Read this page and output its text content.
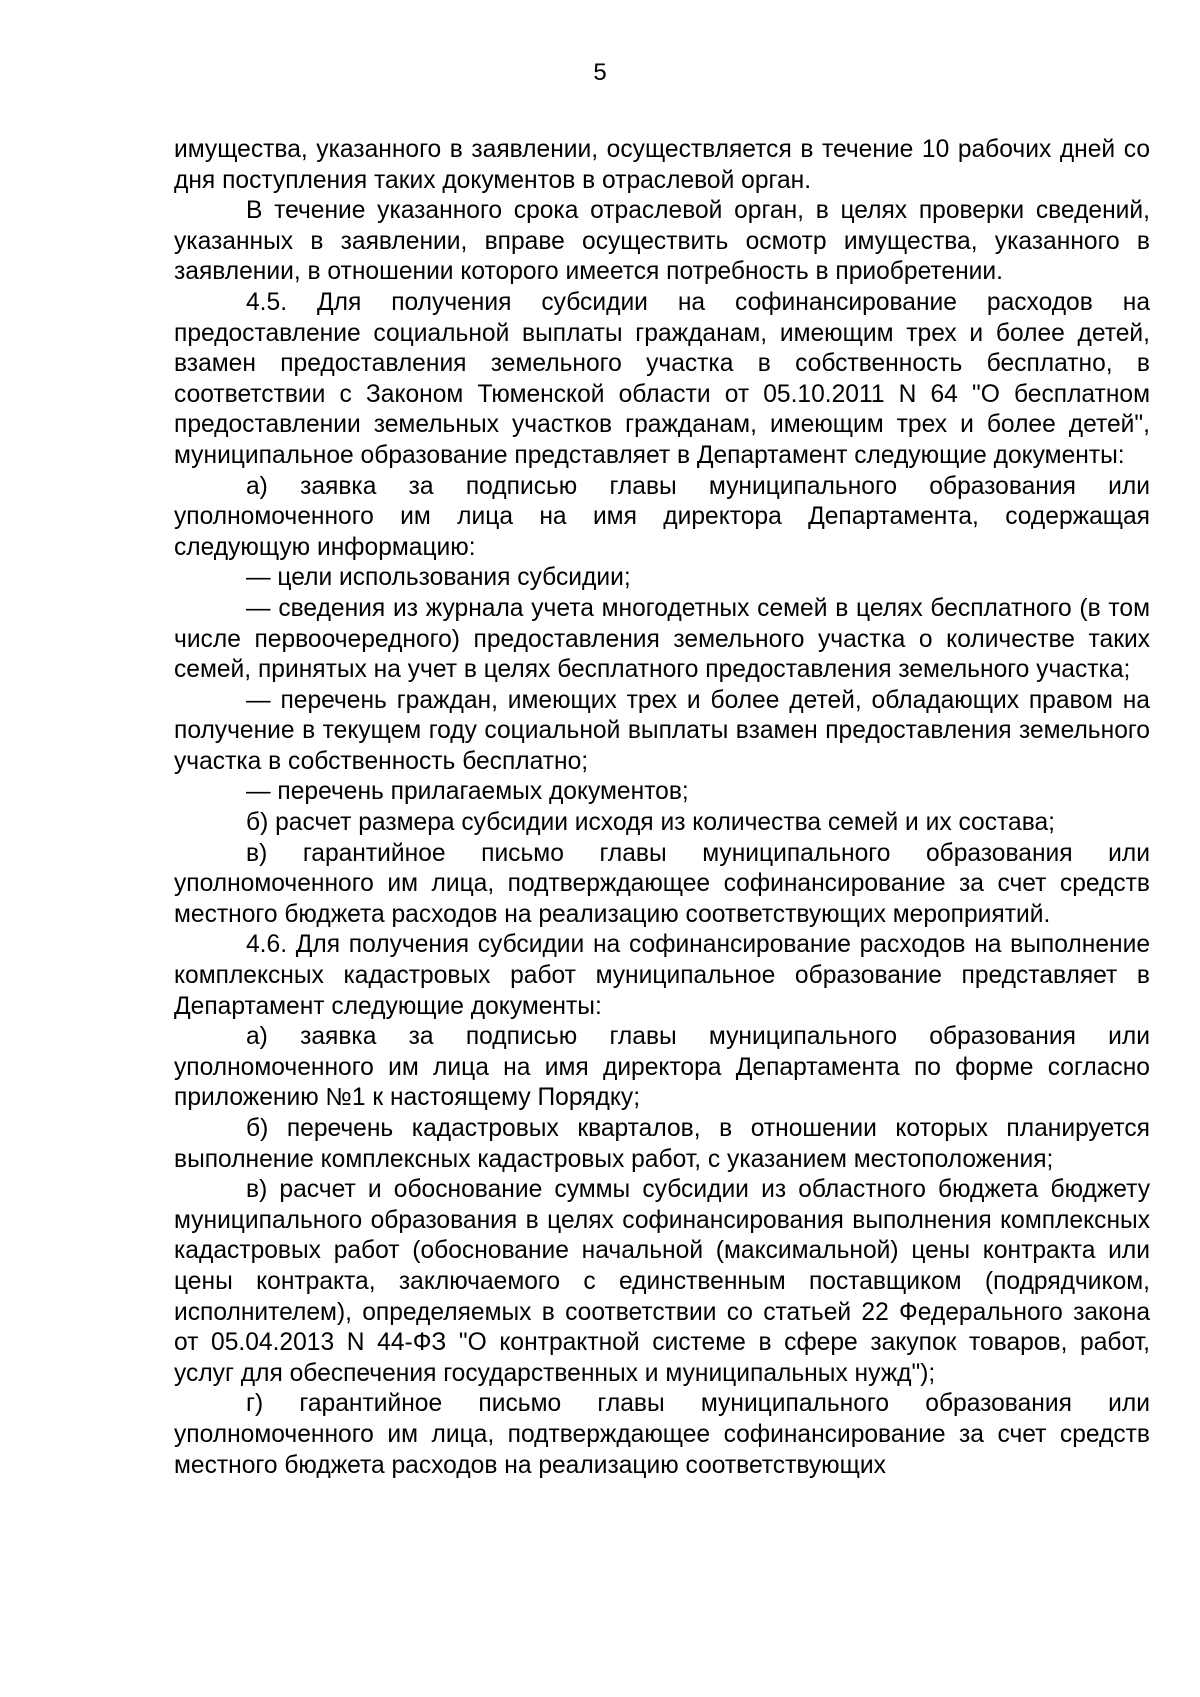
5

имущества, указанного в заявлении, осуществляется в течение 10 рабочих дней со дня поступления таких документов в отраслевой орган.

В течение указанного срока отраслевой орган, в целях проверки сведений, указанных в заявлении, вправе осуществить осмотр имущества, указанного в заявлении, в отношении которого имеется потребность в приобретении.

4.5. Для получения субсидии на софинансирование расходов на предоставление социальной выплаты гражданам, имеющим трех и более детей, взамен предоставления земельного участка в собственность бесплатно, в соответствии с Законом Тюменской области от 05.10.2011 N 64 "О бесплатном предоставлении земельных участков гражданам, имеющим трех и более детей", муниципальное образование представляет в Департамент следующие документы:

а) заявка за подписью главы муниципального образования или уполномоченного им лица на имя директора Департамента, содержащая следующую информацию:

— цели использования субсидии;

— сведения из журнала учета многодетных семей в целях бесплатного (в том числе первоочередного) предоставления земельного участка о количестве таких семей, принятых на учет в целях бесплатного предоставления земельного участка;

— перечень граждан, имеющих трех и более детей, обладающих правом на получение в текущем году социальной выплаты взамен предоставления земельного участка в собственность бесплатно;

— перечень прилагаемых документов;

б) расчет размера субсидии исходя из количества семей и их состава;

в) гарантийное письмо главы муниципального образования или уполномоченного им лица, подтверждающее софинансирование за счет средств местного бюджета расходов на реализацию соответствующих мероприятий.

4.6. Для получения субсидии на софинансирование расходов на выполнение комплексных кадастровых работ муниципальное образование представляет в Департамент следующие документы:

а) заявка за подписью главы муниципального образования или уполномоченного им лица на имя директора Департамента по форме согласно приложению №1 к настоящему Порядку;

б) перечень кадастровых кварталов, в отношении которых планируется выполнение комплексных кадастровых работ, с указанием местоположения;

в) расчет и обоснование суммы субсидии из областного бюджета бюджету муниципального образования в целях софинансирования выполнения комплексных кадастровых работ (обоснование начальной (максимальной) цены контракта или цены контракта, заключаемого с единственным поставщиком (подрядчиком, исполнителем), определяемых в соответствии со статьей 22 Федерального закона от 05.04.2013 N 44-ФЗ "О контрактной системе в сфере закупок товаров, работ, услуг для обеспечения государственных и муниципальных нужд");

г) гарантийное письмо главы муниципального образования или уполномоченного им лица, подтверждающее софинансирование за счет средств местного бюджета расходов на реализацию соответствующих
